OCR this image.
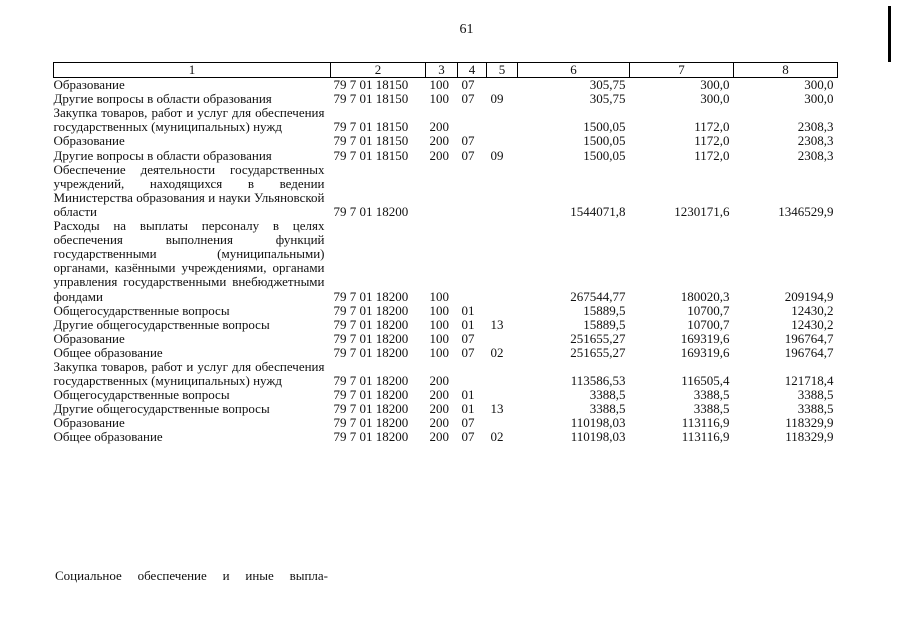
61
1	2	3	4	5	6	7	8
Образование	79 7 01 18150	100	07		305,75	300,0	300,0
Другие вопросы в области образования	79 7 01 18150	100	07	09	305,75	300,0	300,0
Закупка товаров, работ и услуг для обеспечения государственных (муниципальных) нужд	79 7 01 18150	200			1500,05	1172,0	2308,3
Образование	79 7 01 18150	200	07		1500,05	1172,0	2308,3
Другие вопросы в области образования	79 7 01 18150	200	07	09	1500,05	1172,0	2308,3
Обеспечение деятельности государственных учреждений, находящихся в ведении Министерства образования и науки Ульяновской области	79 7 01 18200				1544071,8	1230171,6	1346529,9
Расходы на выплаты персоналу в целях обеспечения выполнения функций государственными (муниципальными) органами, казёнными учреждениями, органами управления государственными внебюджетными фондами	79 7 01 18200	100			267544,77	180020,3	209194,9
Общегосударственные вопросы	79 7 01 18200	100	01		15889,5	10700,7	12430,2
Другие общегосударственные вопросы	79 7 01 18200	100	01	13	15889,5	10700,7	12430,2
Образование	79 7 01 18200	100	07		251655,27	169319,6	196764,7
Общее образование	79 7 01 18200	100	07	02	251655,27	169319,6	196764,7
Закупка товаров, работ и услуг для обеспечения государственных (муниципальных) нужд	79 7 01 18200	200			113586,53	116505,4	121718,4
Общегосударственные вопросы	79 7 01 18200	200	01		3388,5	3388,5	3388,5
Другие общегосударственные вопросы	79 7 01 18200	200	01	13	3388,5	3388,5	3388,5
Образование	79 7 01 18200	200	07		110198,03	113116,9	118329,9
Общее образование	79 7 01 18200	200	07	02	110198,03	113116,9	118329,9
Социальное обеспечение и иные выпла-
